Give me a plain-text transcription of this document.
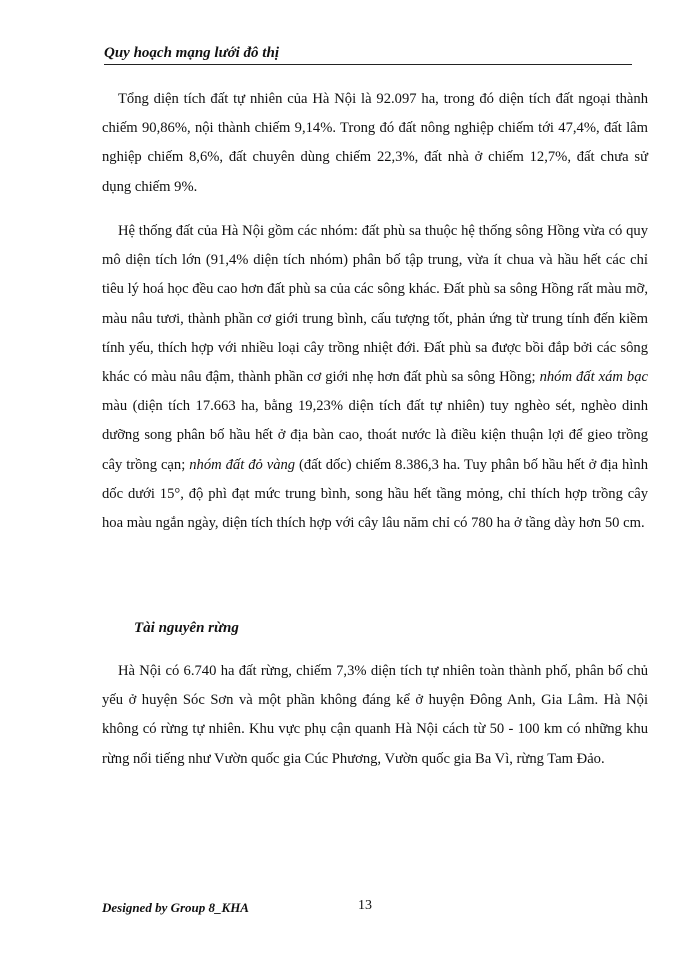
Quy hoạch mạng lưới đô thị

Tổng diện tích đất tự nhiên của Hà Nội là 92.097 ha, trong đó diện tích đất ngoại thành chiếm 90,86%, nội thành chiếm 9,14%. Trong đó đất nông nghiệp chiếm tới 47,4%, đất lâm nghiệp chiếm 8,6%, đất chuyên dùng chiếm 22,3%, đất nhà ở chiếm 12,7%, đất chưa sử dụng chiếm 9%.

Hệ thống đất của Hà Nội gồm các nhóm: đất phù sa thuộc hệ thống sông Hồng vừa có quy mô diện tích lớn (91,4% diện tích nhóm) phân bố tập trung, vừa ít chua và hầu hết các chỉ tiêu lý hoá học đều cao hơn đất phù sa của các sông khác. Đất phù sa sông Hồng rất màu mỡ, màu nâu tươi, thành phần cơ giới trung bình, cấu tượng tốt, phản ứng từ trung tính đến kiềm tính yếu, thích hợp với nhiều loại cây trồng nhiệt đới. Đất phù sa được bồi đắp bởi các sông khác có màu nâu đậm, thành phần cơ giới nhẹ hơn đất phù sa sông Hồng; nhóm đất xám bạc màu (diện tích 17.663 ha, bằng 19,23% diện tích đất tự nhiên) tuy nghèo sét, nghèo dinh dưỡng song phân bố hầu hết ở địa bàn cao, thoát nước là điều kiện thuận lợi để gieo trồng cây trồng cạn; nhóm đất đỏ vàng (đất dốc) chiếm 8.386,3 ha. Tuy phân bố hầu hết ở địa hình dốc dưới 15°, độ phì đạt mức trung bình, song hầu hết tầng mỏng, chỉ thích hợp trồng cây hoa màu ngắn ngày, diện tích thích hợp với cây lâu năm chỉ có 780 ha ở tầng dày hơn 50 cm.

Tài nguyên rừng

Hà Nội có 6.740 ha đất rừng, chiếm 7,3% diện tích tự nhiên toàn thành phố, phân bố chủ yếu ở huyện Sóc Sơn và một phần không đáng kể ở huyện Đông Anh, Gia Lâm. Hà Nội không có rừng tự nhiên. Khu vực phụ cận quanh Hà Nội cách từ 50 - 100 km có những khu rừng nổi tiếng như Vườn quốc gia Cúc Phương, Vườn quốc gia Ba Vì, rừng Tam Đảo.

Designed by Group 8_KHA	13
